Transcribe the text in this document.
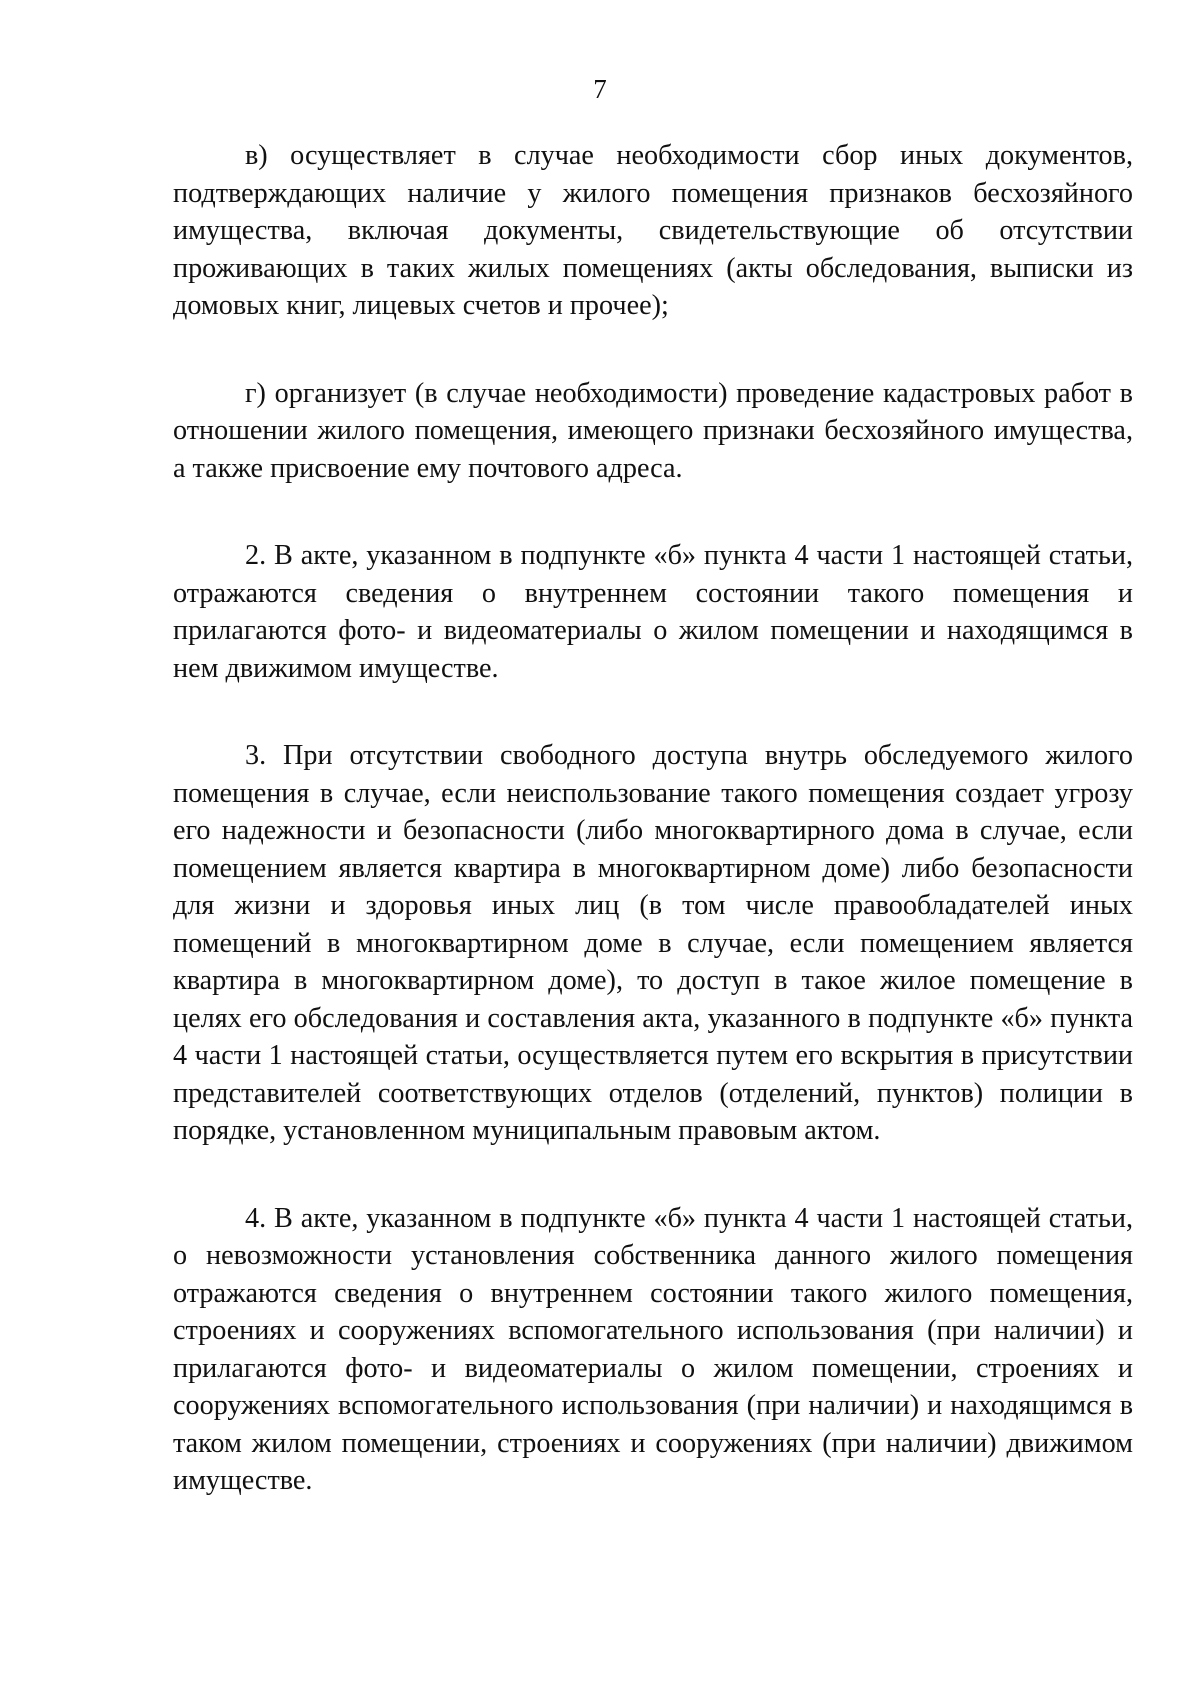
7

в) осуществляет в случае необходимости сбор иных документов, подтверждающих наличие у жилого помещения признаков бесхозяйного имущества, включая документы, свидетельствующие об отсутствии проживающих в таких жилых помещениях (акты обследования, выписки из домовых книг, лицевых счетов и прочее);

г) организует (в случае необходимости) проведение кадастровых работ в отношении жилого помещения, имеющего признаки бесхозяйного имущества, а также присвоение ему почтового адреса.

2. В акте, указанном в подпункте «б» пункта 4 части 1 настоящей статьи, отражаются сведения о внутреннем состоянии такого помещения и прилагаются фото- и видеоматериалы о жилом помещении и находящимся в нем движимом имуществе.

3. При отсутствии свободного доступа внутрь обследуемого жилого помещения в случае, если неиспользование такого помещения создает угрозу его надежности и безопасности (либо многоквартирного дома в случае, если помещением является квартира в многоквартирном доме) либо безопасности для жизни и здоровья иных лиц (в том числе правообладателей иных помещений в многоквартирном доме в случае, если помещением является квартира в многоквартирном доме), то доступ в такое жилое помещение в целях его обследования и составления акта, указанного в подпункте «б» пункта 4 части 1 настоящей статьи, осуществляется путем его вскрытия в присутствии представителей соответствующих отделов (отделений, пунктов) полиции в порядке, установленном муниципальным правовым актом.

4. В акте, указанном в подпункте «б» пункта 4 части 1 настоящей статьи, о невозможности установления собственника данного жилого помещения отражаются сведения о внутреннем состоянии такого жилого помещения, строениях и сооружениях вспомогательного использования (при наличии) и прилагаются фото- и видеоматериалы о жилом помещении, строениях и сооружениях вспомогательного использования (при наличии) и находящимся в таком жилом помещении, строениях и сооружениях (при наличии) движимом имуществе.
